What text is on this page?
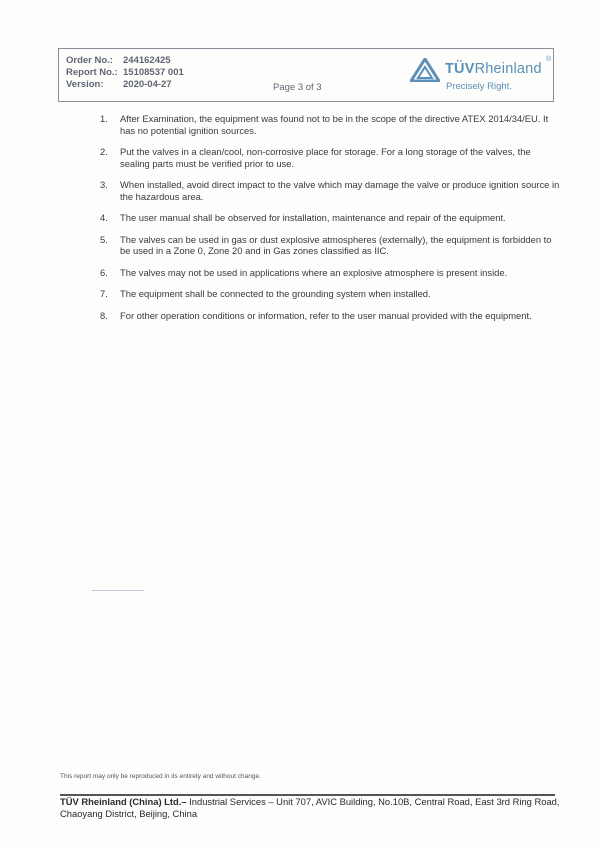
Order No.:	244162425
Report No.: 15108537 001
Version:	2020-04-27	Page 3 of 3
TÜVRheinland
®
Precisely Right.
1. After Examination, the equipment was found not to be in the scope of the directive ATEX 2014/34/EU. It has no potential ignition sources.
2. Put the valves in a clean/cool, non-corrosive place for storage. For a long storage of the valves, the sealing parts must be verified prior to use.
3. When installed, avoid direct impact to the valve which may damage the valve or produce ignition source in the hazardous area.
4. The user manual shall be observed for installation, maintenance and repair of the equipment.
5. The valves can be used in gas or dust explosive atmospheres (externally), the equipment is forbidden to be used in a Zone 0, Zone 20 and in Gas zones classified as IIC.
6. The valves may not be used in applications where an explosive atmosphere is present inside.
7. The equipment shall be connected to the grounding system when installed.
8. For other operation conditions or information, refer to the user manual provided with the equipment.
This report may only be reproduced in its entirety and without change.
TÜV Rheinland (China) Ltd.– Industrial Services – Unit 707, AVIC Building, No.10B, Central Road, East 3rd Ring Road, Chaoyang District, Beijing, China
